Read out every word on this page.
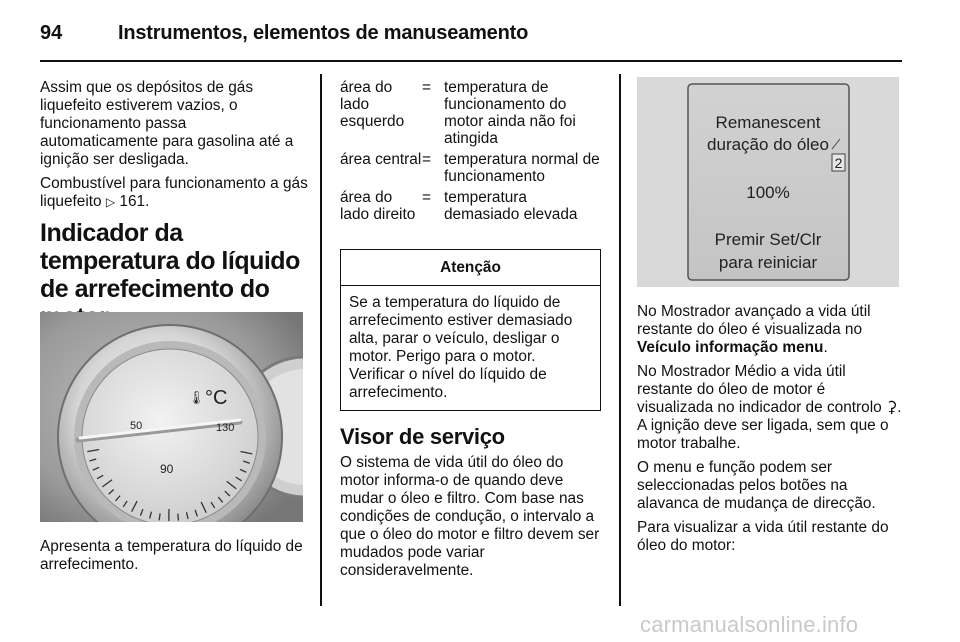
94	Instrumentos, elementos de manuseamento

Assim que os depósitos de gás liquefeito estiverem vazios, o funcionamento passa automaticamente para gasolina até a ignição ser desligada.

Combustível para funcionamento a gás liquefeito ▷ 161.

Indicador da temperatura do líquido de arrefecimento do
🌡 °C
50
90
130

Apresenta a temperatura do líquido de arrefecimento.

área do lado esquerdo	=	temperatura de funcionamento do motor ainda não foi atingida
área central	=	temperatura normal de funcionamento
área do lado direito	=	temperatura demasiado elevada
Atenção
Se a temperatura do líquido de arrefecimento estiver demasiado alta, parar o veículo, desligar o motor. Perigo para o motor. Verificar o nível do líquido de arrefecimento.
Visor de serviço

O sistema de vida útil do óleo do motor informa-o de quando deve mudar o óleo e filtro. Com base nas condições de condução, o intervalo a que o óleo do motor e filtro devem ser mudados pode variar consideravelmente.

Remanescent
duração do óleo
2
100%
Premir Set/Clr
para reiniciar

No Mostrador avançado a vida útil restante do óleo é visualizada no Veículo informação menu.

No Mostrador Médio a vida útil restante do óleo de motor é visualizada no indicador de controlo ⚳. A ignição deve ser ligada, sem que o motor trabalhe.

O menu e função podem ser seleccionadas pelos botões na alavanca de mudança de direcção.

Para visualizar a vida útil restante do óleo do motor:

carmanualsonline.info
